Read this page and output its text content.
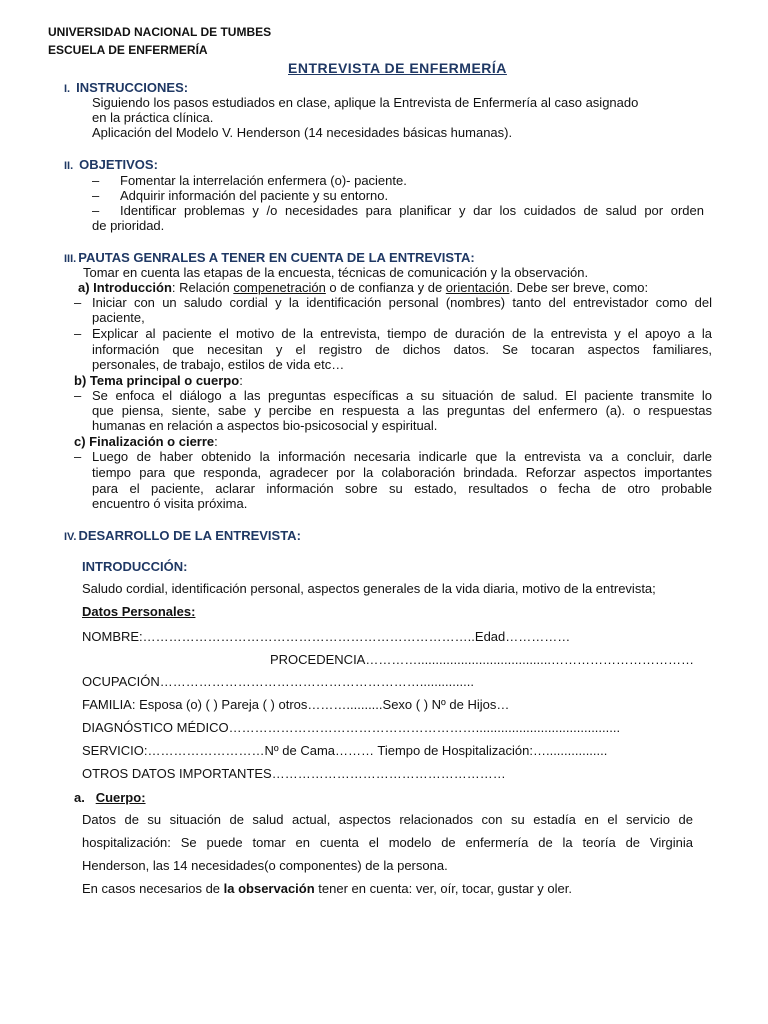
UNIVERSIDAD NACIONAL DE TUMBES
ESCUELA DE ENFERMERÍA
ENTREVISTA DE ENFERMERÍA
I. INSTRUCCIONES:
Siguiendo los pasos estudiados en clase, aplique la Entrevista de Enfermería al caso asignado
en la práctica clínica.
Aplicación del Modelo V. Henderson (14 necesidades básicas humanas).
II. OBJETIVOS:
– Fomentar la interrelación enfermera (o)- paciente.
– Adquirir información del paciente y su entorno.
– Identificar problemas y /o necesidades para planificar y dar los cuidados de salud por orden
de prioridad.
III. PAUTAS GENRALES A TENER EN CUENTA DE LA ENTREVISTA:
Tomar en cuenta las etapas de la encuesta, técnicas de comunicación y la observación.
a) Introducción: Relación compenetración o de confianza y de orientación. Debe ser breve, como:
– Iniciar con un saludo cordial y la identificación personal (nombres) tanto del entrevistador como del
paciente,
– Explicar al paciente el motivo de la entrevista, tiempo de duración de la entrevista y el apoyo a la
información que necesitan y el registro de dichos datos. Se tocaran aspectos familiares,
personales, de trabajo, estilos de vida etc…
b) Tema principal o cuerpo:
– Se enfoca el diálogo a las preguntas específicas a su situación de salud. El paciente transmite lo
que piensa, siente, sabe y percibe en respuesta a las preguntas del enfermero (a). o respuestas
humanas en relación a aspectos bio-psicosocial y espiritual.
c) Finalización o cierre:
– Luego de haber obtenido la información necesaria indicarle que la entrevista va a concluir, darle
tiempo para que responda, agradecer por la colaboración brindada. Reforzar aspectos importantes
para el paciente, aclarar información sobre su estado, resultados o fecha de otro probable
encuentro ó visita próxima.
IV. DESARROLLO DE LA ENTREVISTA:
INTRODUCCIÓN:
Saludo cordial, identificación personal, aspectos generales de la vida diaria, motivo de la entrevista;
Datos Personales:
NOMBRE:…………………………………………………………………..Edad……………
PROCEDENCIA………….....................................……………………………
OCUPACIÓN……………………………………………………...............
FAMILIA: Esposa (o) ( ) Pareja ( ) otros………..........Sexo ( ) Nº de Hijos…
DIAGNÓSTICO MÉDICO…………………………………………………........................................
SERVICIO:………………………Nº de Cama……… Tiempo de Hospitalización:….................
OTROS DATOS IMPORTANTES………………………………………………
a. Cuerpo:
Datos de su situación de salud actual, aspectos relacionados con su estadía en el servicio de
hospitalización: Se puede tomar en cuenta el modelo de enfermería de la teoría de Virginia
Henderson, las 14 necesidades(o componentes) de la persona.
En casos necesarios de la observación tener en cuenta: ver, oír, tocar, gustar y oler.
